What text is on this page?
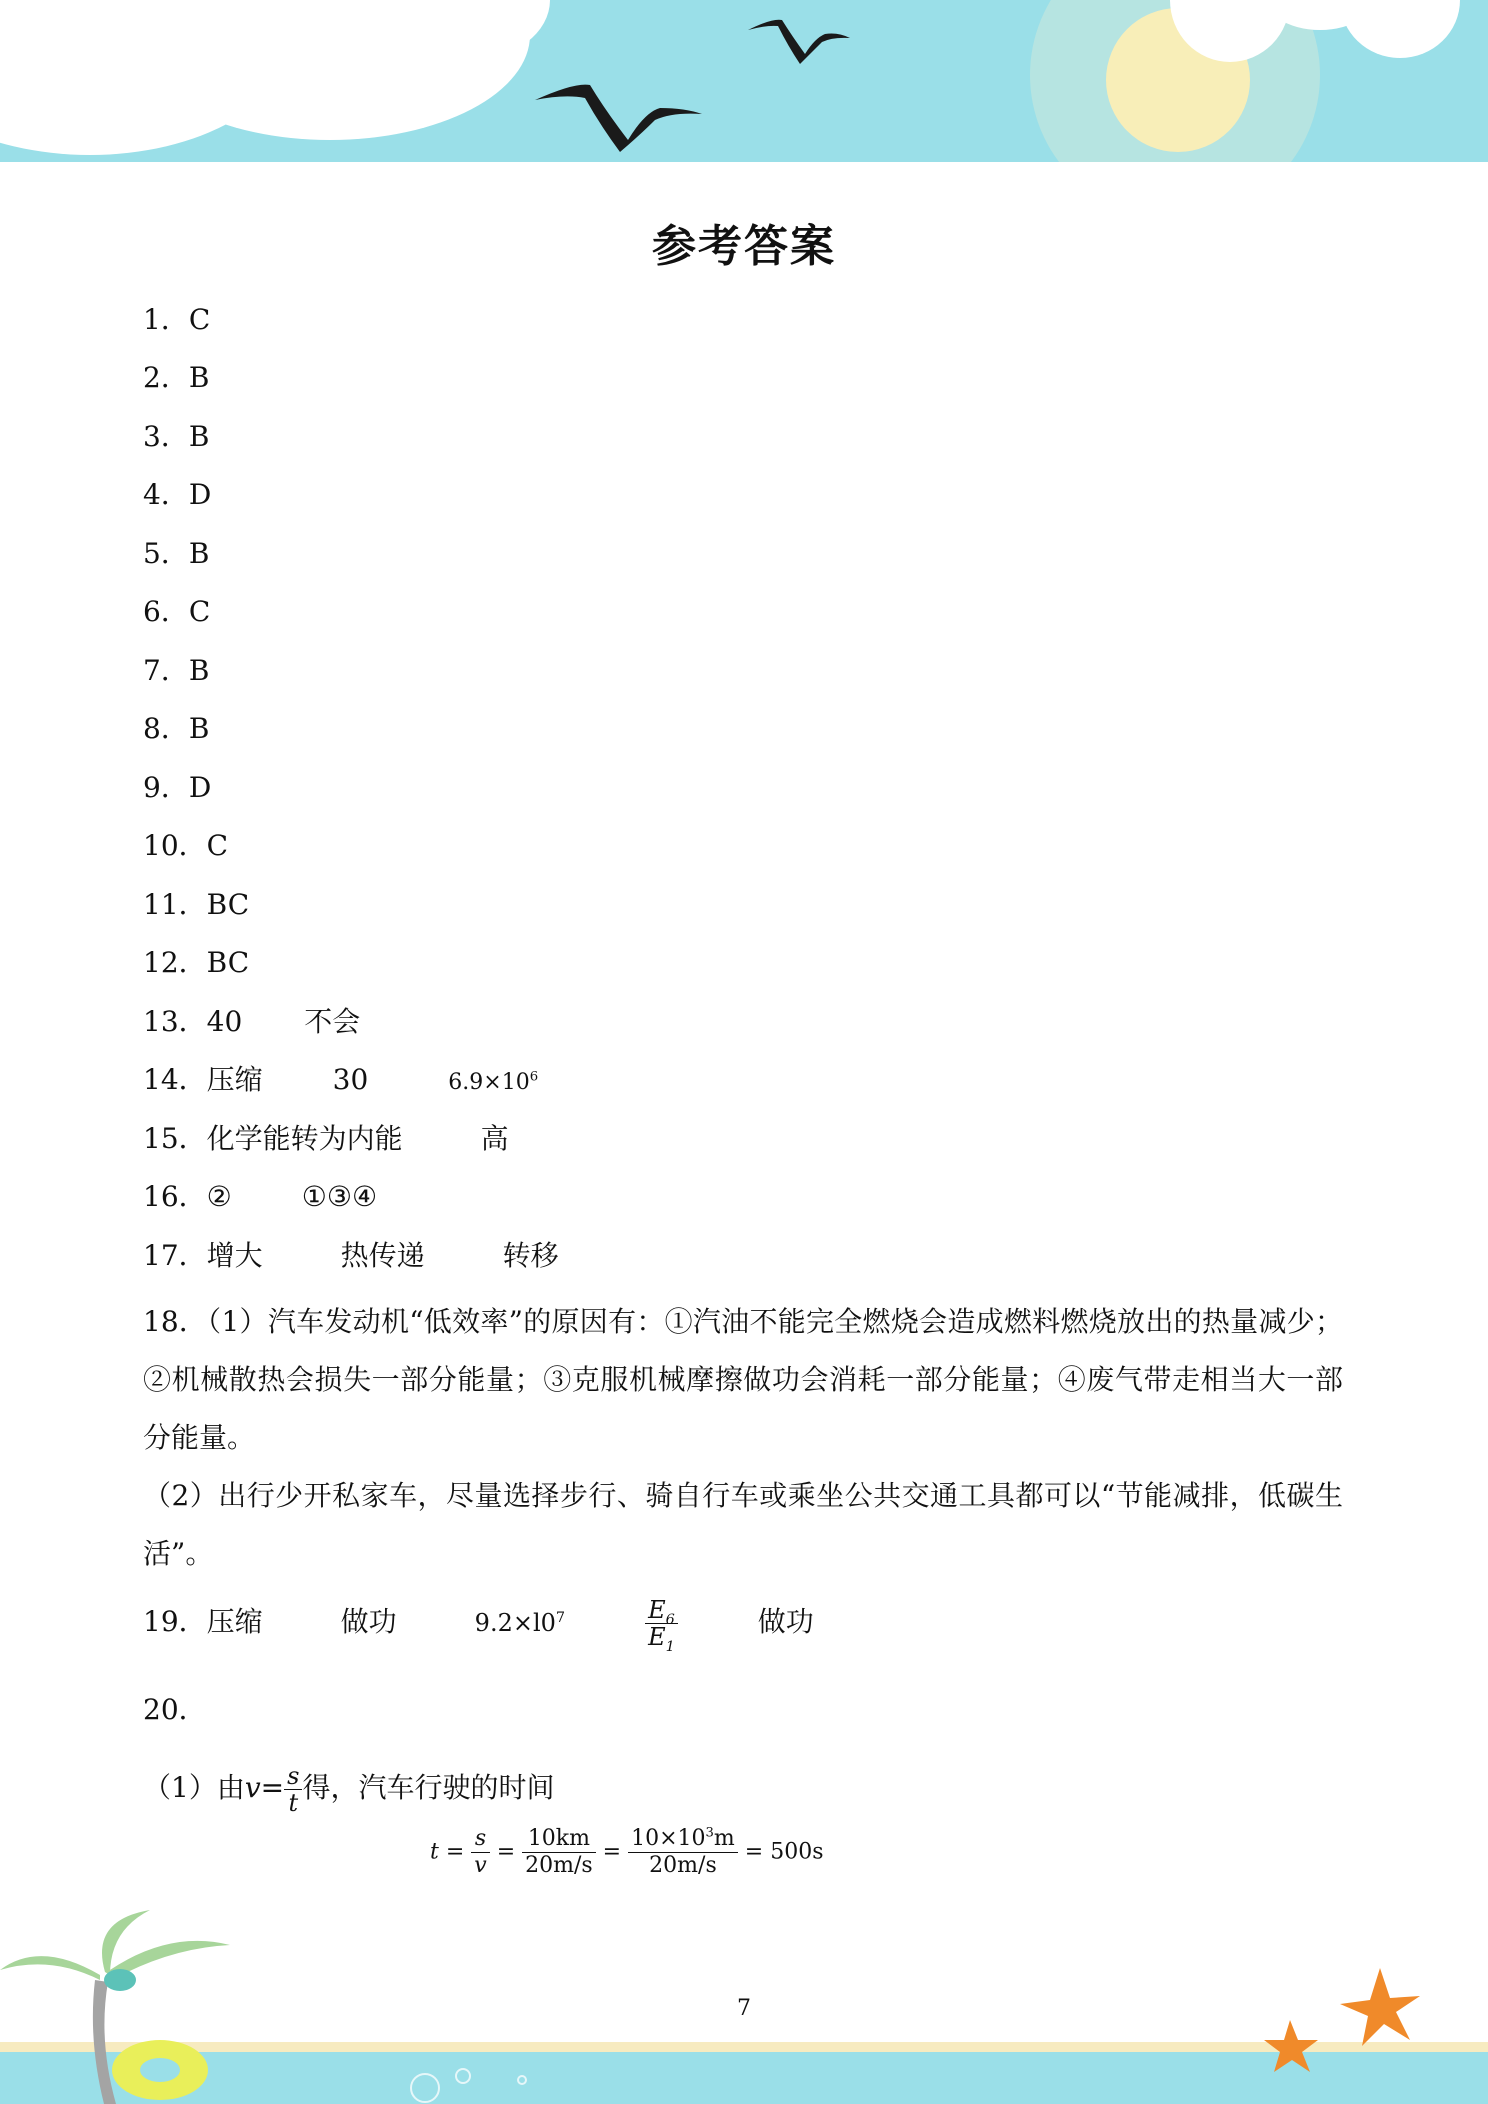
参考答案
1．C
2．B
3．B
4．D
5．B
6．C
7．B
8．B
9．D
10．C
11．BC
12．BC
13．40 不会
14．压缩	30	$6.9\times 10^6$
15．化学能转为内能	高
16．②	①③④
17．增大	热传递	转移
18．（1）汽车发动机“低效率”的原因有：①汽油不能完全燃烧会造成燃料燃烧放出的热量减少；②机械散热会损失一部分能量；③克服机械摩擦做功会消耗一部分能量；④废气带走相当大一部分能量。
（2）出行少开私家车，尽量选择步行、骑自行车或乘坐公共交通工具都可以“节能减排，低碳生活”。
19．压缩	做功	$9.2\times l0^7$	$\frac{E_6}{E_1}$	做功
20．
（1）由$v= \frac{s}{t}$ 得，汽车行驶的时间
$t = \frac{s}{v} = \frac{10km}{20m/s} = \frac{10\times 10^3m}{20m/s} = 500s$
7
